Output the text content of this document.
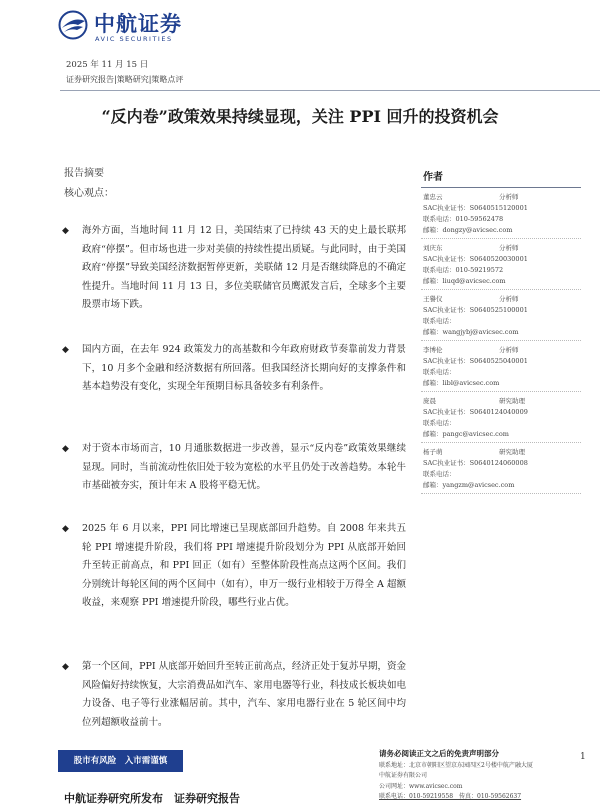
中航证券
AVIC SECURITIES
2025 年 11 月 15 日
证券研究报告|策略研究|策略点评
“反内卷”政策效果持续显现，关注 PPI 回升的投资机会
报告摘要
核心观点：
◆ 海外方面，当地时间 11 月 12 日，美国结束了已持续 43 天的史上最长联邦政府“停摆”。但市场也进一步对美债的持续性提出质疑。与此同时，由于美国政府“停摆”导致美国经济数据暂停更新，美联储 12 月是否继续降息的不确定性提升。当地时间 11 月 13 日，多位美联储官员鹰派发言后，全球多个主要股票市场下跌。
◆ 国内方面，在去年 924 政策发力的高基数和今年政府财政节奏靠前发力背景下，10 月多个金融和经济数据有所回落。但我国经济长期向好的支撑条件和基本趋势没有变化，实现全年预期目标具备较多有利条件。
◆ 对于资本市场而言，10 月通胀数据进一步改善，显示“反内卷”政策效果继续显现。同时，当前流动性依旧处于较为宽松的水平且仍处于改善趋势。本轮牛市基础被夯实，预计年末 A 股将平稳无忧。
◆ 2025 年 6 月以来，PPI 同比增速已呈现底部回升趋势。自 2008 年来共五轮 PPI 增速提升阶段，我们将 PPI 增速提升阶段划分为 PPI 从底部开始回升至转正前高点，和 PPI 回正（如有）至整体阶段性高点这两个区间。我们分别统计每轮区间的两个区间中（如有），申万一级行业相较于万得全 A 超额收益，来观察 PPI 增速提升阶段，哪些行业占优。
◆ 第一个区间，PPI 从底部开始回升至转正前高点，经济正处于复苏早期，资金风险偏好持续恢复，大宗消费品如汽车、家用电器等行业，科技成长板块如电力设备、电子等行业涨幅居前。其中，汽车、家用电器行业在 5 轮区间中均位列超额收益前十。
作者
董忠云	分析师
SAC执业证书：S0640515120001
联系电话：010-59562478
邮箱：dongzy@avicsec.com
刘庆东	分析师
SAC执业证书：S0640520030001
联系电话：010-59219572
邮箱：liuqd@avicsec.com
王譽仪	分析师
SAC执业证书：S0640525100001
联系电话：
邮箱：wangjybj@avicsec.com
李博伦	分析师
SAC执业证书：S0640525040001
联系电话：
邮箱：libl@avicsec.com
庞晨	研究助理
SAC执业证书：S0640124040009
联系电话：
邮箱：pangc@avicsec.com
杨子萌	研究助理
SAC执业证书：S0640124060008
联系电话：
邮箱：yangzm@avicsec.com
股市有风险　入市需谨慎
请务必阅读正文之后的免责声明部分
联系地址：北京市朝阳区望京东园四区2号楼中航产融大厦
中航证券有限公司
公司网址：www.avicsec.com
联系电话：010-59219558　传真：010-59562637
1
中航证券研究所发布　证券研究报告
